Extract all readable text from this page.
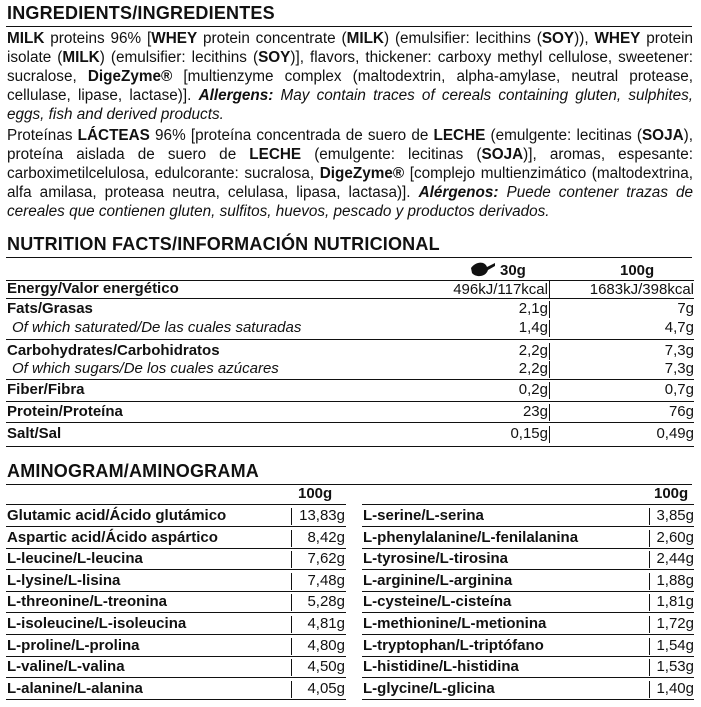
INGREDIENTS/INGREDIENTES
MILK proteins 96% [WHEY protein concentrate (MILK) (emulsifier: lecithins (SOY)), WHEY protein isolate (MILK) (emulsifier: lecithins (SOY)], flavors, thickener: carboxy methyl cellulose, sweetener: sucralose, DigeZyme® [multienzyme complex (maltodextrin, alpha-amylase, neutral protease, cellulase, lipase, lactase)]. Allergens: May contain traces of cereals containing gluten, sulphites, eggs, fish and derived products.
Proteínas LÁCTEAS 96% [proteína concentrada de suero de LECHE (emulgente: lecitinas (SOJA), proteína aislada de suero de LECHE (emulgente: lecitinas (SOJA)], aromas, espesante: carboximetilcelulosa, edulcorante: sucralosa, DigeZyme® [complejo multienzimático (maltodextrina, alfa amilasa, proteasa neutra, celulasa, lipasa, lactasa)]. Alérgenos: Puede contener trazas de cereales que contienen gluten, sulfitos, huevos, pescado y productos derivados.
NUTRITION FACTS/INFORMACIÓN NUTRICIONAL
30g	100g
Energy/Valor energético	496kJ/117kcal	1683kJ/398kcal
Fats/Grasas	2,1g	7g
Of which saturated/De las cuales saturadas	1,4g	4,7g
Carbohydrates/Carbohidratos	2,2g	7,3g
Of which sugars/De los cuales azúcares	2,2g	7,3g
Fiber/Fibra	0,2g	0,7g
Protein/Proteína	23g	76g
Salt/Sal	0,15g	0,49g
AMINOGRAM/AMINOGRAMA
100g	100g
Glutamic acid/Ácido glutámico	13,83g
Aspartic acid/Ácido aspártico	8,42g
L-leucine/L-leucina	7,62g
L-lysine/L-lisina	7,48g
L-threonine/L-treonina	5,28g
L-isoleucine/L-isoleucina	4,81g
L-proline/L-prolina	4,80g
L-valine/L-valina	4,50g
L-alanine/L-alanina	4,05g
L-serine/L-serina	3,85g
L-phenylalanine/L-fenilalanina	2,60g
L-tyrosine/L-tirosina	2,44g
L-arginine/L-arginina	1,88g
L-cysteine/L-cisteína	1,81g
L-methionine/L-metionina	1,72g
L-tryptophan/L-triptófano	1,54g
L-histidine/L-histidina	1,53g
L-glycine/L-glicina	1,40g
